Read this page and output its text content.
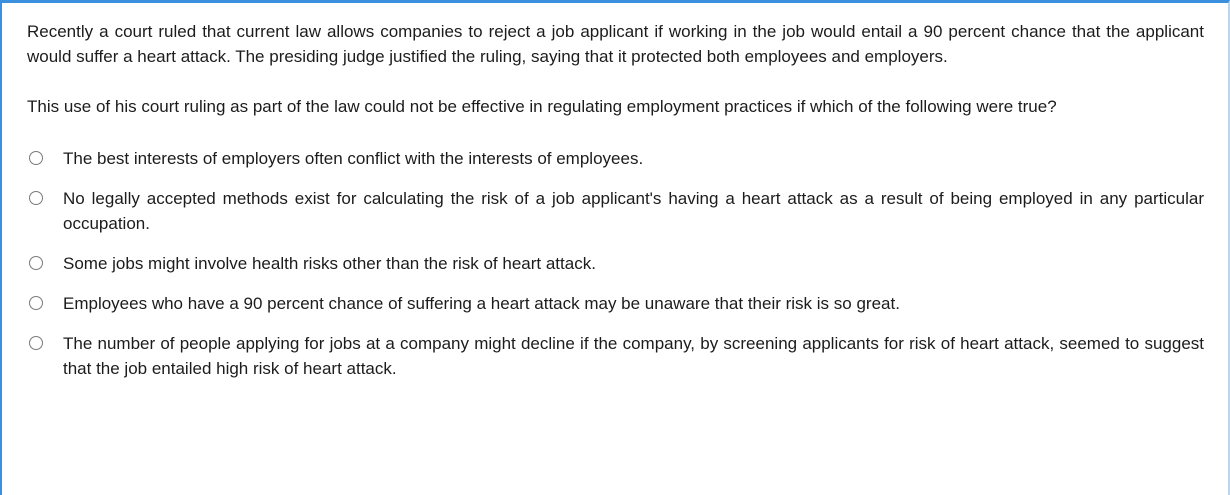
Recently a court ruled that current law allows companies to reject a job applicant if working in the job would entail a 90 percent chance that the applicant would suffer a heart attack. The presiding judge justified the ruling, saying that it protected both employees and employers.

This use of his court ruling as part of the law could not be effective in regulating employment practices if which of the following were true?

The best interests of employers often conflict with the interests of employees.
No legally accepted methods exist for calculating the risk of a job applicant's having a heart attack as a result of being employed in any particular occupation.
Some jobs might involve health risks other than the risk of heart attack.
Employees who have a 90 percent chance of suffering a heart attack may be unaware that their risk is so great.
The number of people applying for jobs at a company might decline if the company, by screening applicants for risk of heart attack, seemed to suggest that the job entailed high risk of heart attack.
